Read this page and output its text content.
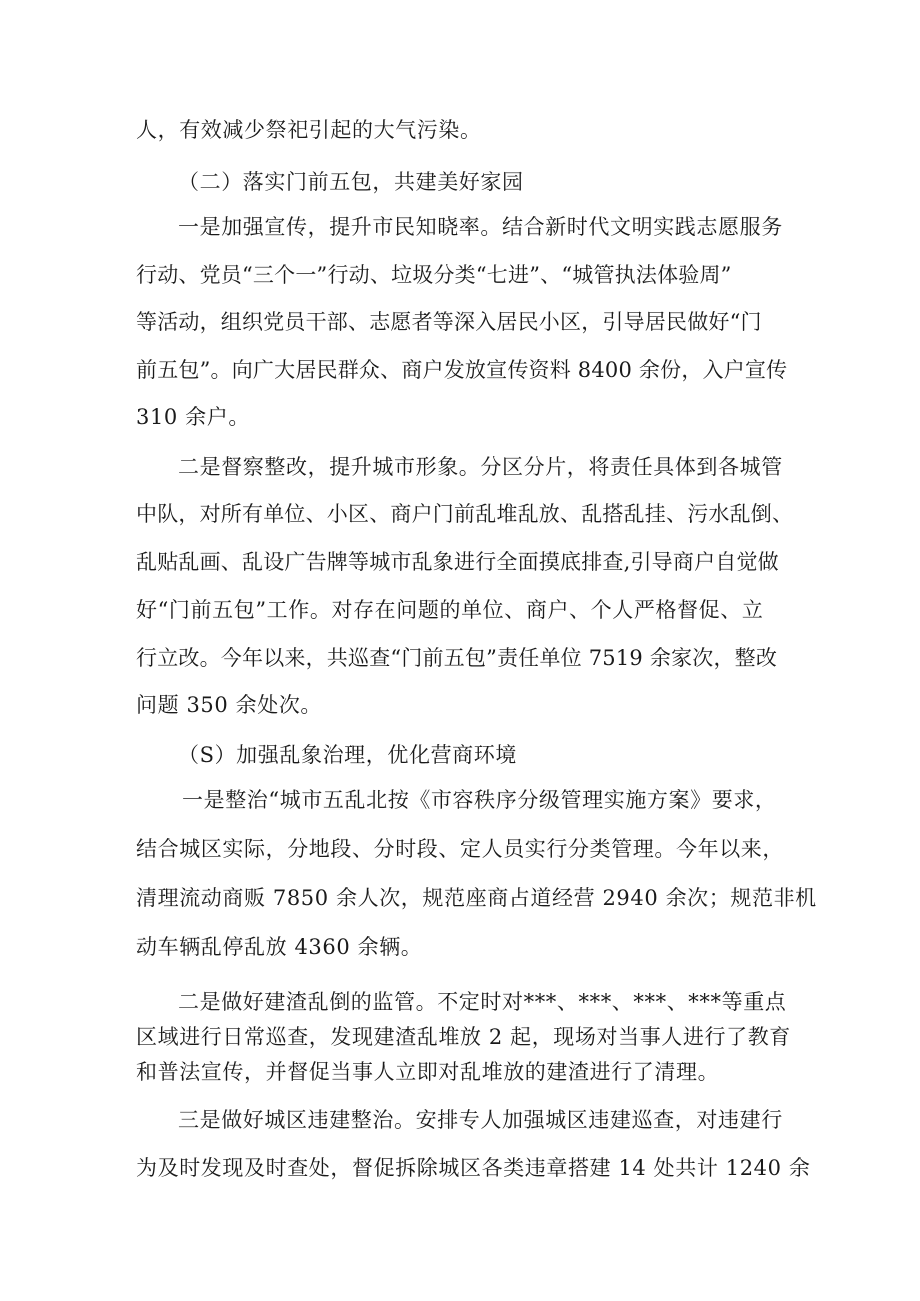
人，有效减少祭祀引起的大气污染。
（二）落实门前五包，共建美好家园
一是加强宣传，提升市民知晓率。结合新时代文明实践志愿服务
行动、党员“三个一”行动、垃圾分类“七进”、“城管执法体验周”
等活动，组织党员干部、志愿者等深入居民小区，引导居民做好“门
前五包”。向广大居民群众、商户发放宣传资料 8400 余份，入户宣传
310 余户。
二是督察整改，提升城市形象。分区分片，将责任具体到各城管
中队，对所有单位、小区、商户门前乱堆乱放、乱搭乱挂、污水乱倒、
乱贴乱画、乱设广告牌等城市乱象进行全面摸底排查,引导商户自觉做
好“门前五包”工作。对存在问题的单位、商户、个人严格督促、立
行立改。今年以来，共巡查“门前五包”责任单位 7519 余家次，整改
问题 350 余处次。
（S）加强乱象治理，优化营商环境
一是整治“城市五乱北按《市容秩序分级管理实施方案》要求，
结合城区实际，分地段、分时段、定人员实行分类管理。今年以来，
清理流动商贩 7850 余人次，规范座商占道经营 2940 余次；规范非机
动车辆乱停乱放 4360 余辆。
二是做好建渣乱倒的监管。不定时对***、***、***、***等重点
区域进行日常巡查，发现建渣乱堆放 2 起，现场对当事人进行了教育
和普法宣传，并督促当事人立即对乱堆放的建渣进行了清理。
三是做好城区违建整治。安排专人加强城区违建巡查，对违建行
为及时发现及时查处，督促拆除城区各类违章搭建 14 处共计 1240 余
